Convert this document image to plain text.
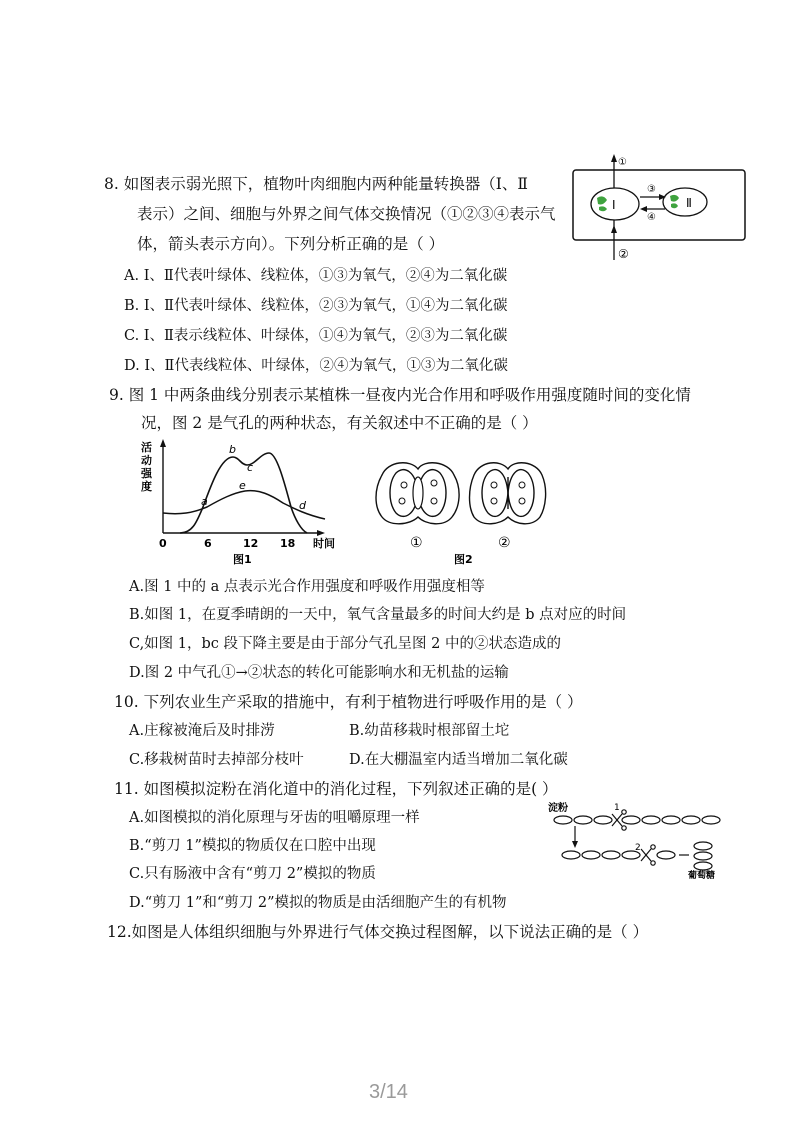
8. 如图表示弱光照下，植物叶肉细胞内两种能量转换器（Ⅰ、Ⅱ
表示）之间、细胞与外界之间气体交换情况（①②③④表示气
体，箭头表示方向）。下列分析正确的是（ ）
A. Ⅰ、Ⅱ代表叶绿体、线粒体，①③为氧气，②④为二氧化碳
B. Ⅰ、Ⅱ代表叶绿体、线粒体，②③为氧气，①④为二氧化碳
C. Ⅰ、Ⅱ表示线粒体、叶绿体，①④为氧气，②③为二氧化碳
D. Ⅰ、Ⅱ代表线粒体、叶绿体，②④为氧气，①③为二氧化碳
①
②
③
④
Ⅰ	Ⅱ
9. 图 1 中两条曲线分别表示某植株一昼夜内光合作用和呼吸作用强度随时间的变化情
况，图 2 是气孔的两种状态，有关叙述中不正确的是（ ）
活
动
强
度
a
b
c
d
e
0	6	12 18 时间
图1
①	②
图2
A.图 1 中的 a 点表示光合作用强度和呼吸作用强度相等
B.如图 1，在夏季晴朗的一天中，氧气含量最多的时间大约是 b 点对应的时间
C,如图 1，bc 段下降主要是由于部分气孔呈图 2 中的②状态造成的
D.图 2 中气孔①→②状态的转化可能影响水和无机盐的运输
10. 下列农业生产采取的措施中，有利于植物进行呼吸作用的是（ ）
A.庄稼被淹后及时排涝	B.幼苗移栽时根部留土坨
C.移栽树苗时去掉部分枝叶	D.在大棚温室内适当增加二氧化碳
11. 如图模拟淀粉在消化道中的消化过程，下列叙述正确的是( ）
A.如图模拟的消化原理与牙齿的咀嚼原理一样
B.“剪刀 1”模拟的物质仅在口腔中出现
C.只有肠液中含有“剪刀 2”模拟的物质
D.“剪刀 1”和“剪刀 2”模拟的物质是由活细胞产生的有机物
淀粉	1
2
葡萄糖
12.如图是人体组织细胞与外界进行气体交换过程图解，以下说法正确的是（ ）
3/14
